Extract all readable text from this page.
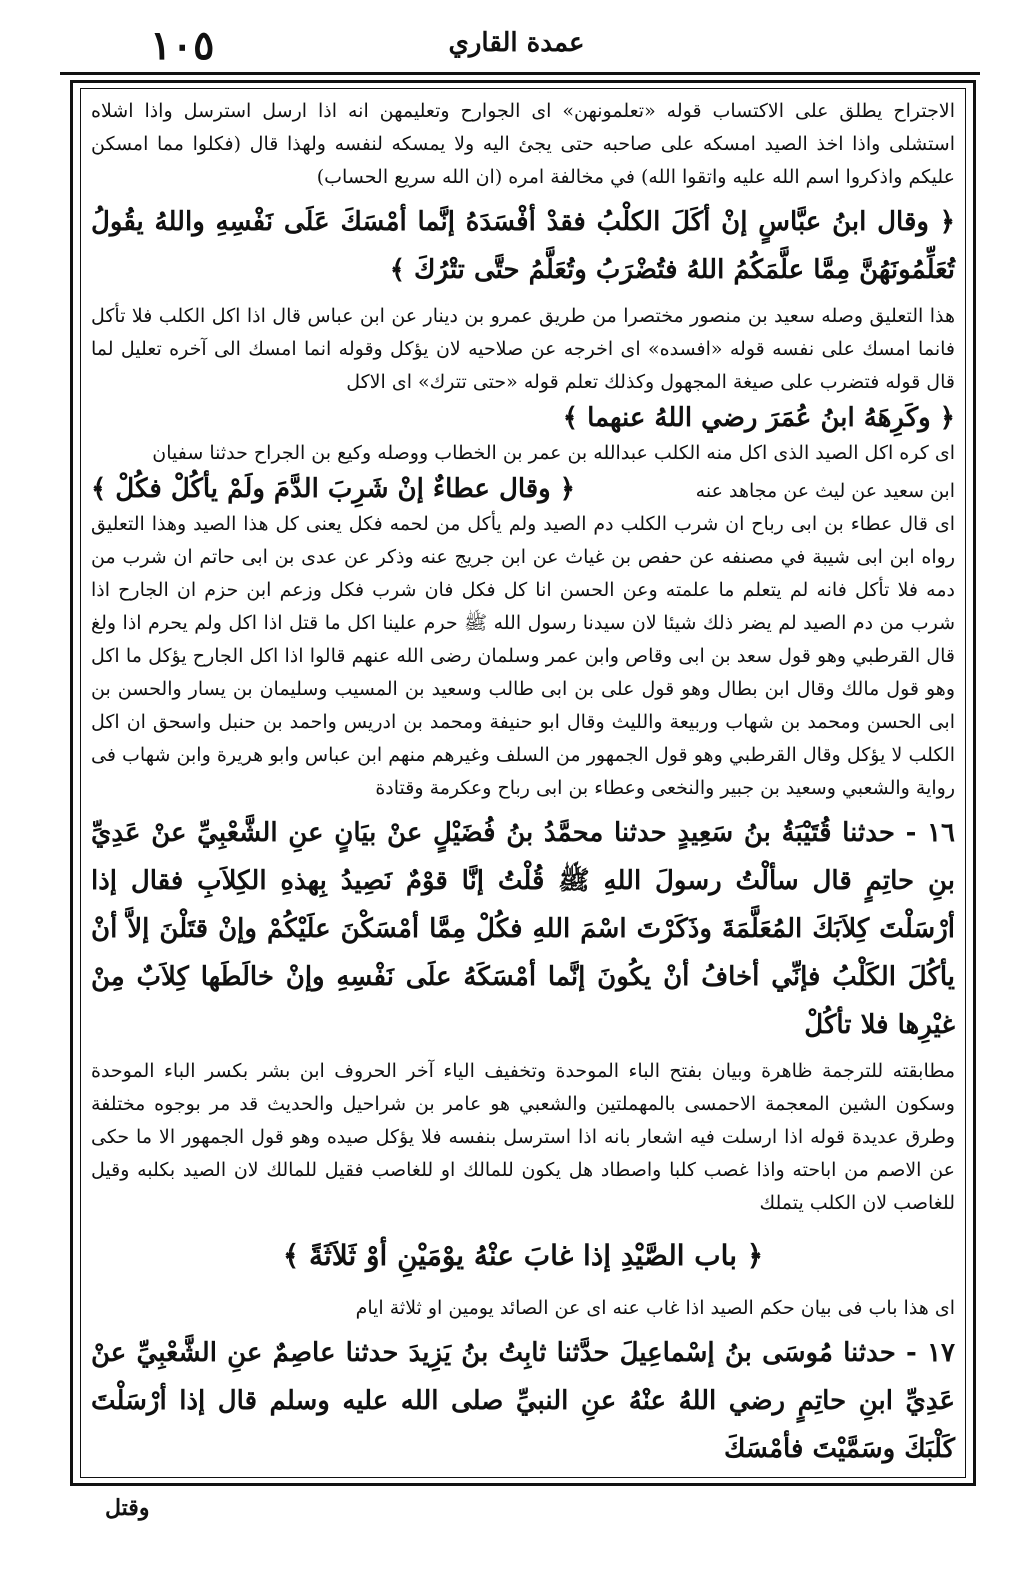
١٠٥	عمدة القاري

الاجتراح يطلق على الاكتساب قوله «تعلمونهن» اى الجوارح وتعليمهن انه اذا ارسل استرسل واذا اشلاه استشلى واذا اخذ الصيد امسكه على صاحبه حتى يجئ اليه ولا يمسكه لنفسه ولهذا قال (فكلوا مما امسكن عليكم واذكروا اسم الله عليه واتقوا الله) في مخالفة امره (ان الله سريع الحساب)

﴿ وقال ابنُ عبَّاسٍ إنْ أكَلَ الكلْبُ فقدْ أفْسَدَهُ إنَّما أمْسَكَ عَلَى نَفْسِهِ واللهُ يقُولُ تُعَلِّمُونَهُنَّ مِمَّا علَّمَكُمُ اللهُ فتُضْرَبُ وتُعَلَّمُ حتَّى تتْرُكَ ﴾

هذا التعليق وصله سعيد بن منصور مختصرا من طريق عمرو بن دينار عن ابن عباس قال اذا اكل الكلب فلا تأكل فانما امسك على نفسه قوله «افسده» اى اخرجه عن صلاحيه لان يؤكل وقوله انما امسك الى آخره تعليل لما قال قوله فتضرب على صيغة المجهول وكذلك تعلم قوله «حتى تترك» اى الاكل

﴿ وكَرِهَهُ ابنُ عُمَرَ رضي اللهُ عنهما ﴾

اى كره اكل الصيد الذى اكل منه الكلب عبدالله بن عمر بن الخطاب ووصله وكيع بن الجراح حدثنا سفيان

ابن سعيد عن ليث عن مجاهد عنه
﴿ وقال عطاءٌ إنْ شَرِبَ الدَّمَ ولَمْ يأكُلْ فكُلْ ﴾

اى قال عطاء بن ابى رباح ان شرب الكلب دم الصيد ولم يأكل من لحمه فكل يعنى كل هذا الصيد وهذا التعليق رواه ابن ابى شيبة في مصنفه عن حفص بن غياث عن ابن جريج عنه وذكر عن عدى بن ابى حاتم ان شرب من دمه فلا تأكل فانه لم يتعلم ما علمته وعن الحسن انا كل فكل فان شرب فكل وزعم ابن حزم ان الجارح اذا شرب من دم الصيد لم يضر ذلك شيئا لان سيدنا رسول الله ﷺ حرم علينا اكل ما قتل اذا اكل ولم يحرم اذا ولغ قال القرطبي وهو قول سعد بن ابى وقاص وابن عمر وسلمان رضى الله عنهم قالوا اذا اكل الجارح يؤكل ما اكل وهو قول مالك وقال ابن بطال وهو قول على بن ابى طالب وسعيد بن المسيب وسليمان بن يسار والحسن بن ابى الحسن ومحمد بن شهاب وربيعة والليث وقال ابو حنيفة ومحمد بن ادريس واحمد بن حنبل واسحق ان اكل الكلب لا يؤكل وقال القرطبي وهو قول الجمهور من السلف وغيرهم منهم ابن عباس وابو هريرة وابن شهاب فى رواية والشعبي وسعيد بن جبير والنخعى وعطاء بن ابى رباح وعكرمة وقتادة

١٦ - حدثنا قُتَيْبَةُ بنُ سَعِيدٍ حدثنا محمَّدُ بنُ فُضَيْلٍ عنْ بيَانٍ عنِ الشَّعْبِيِّ عنْ عَدِيِّ بنِ حاتِمٍ قال سألْتُ رسولَ اللهِ ﷺ قُلْتُ إنَّا قوْمٌ نَصِيدُ بِهذهِ الكِلاَبِ فقال إذا أرْسَلْتَ كِلاَبَكَ المُعَلَّمَةَ وذَكَرْتَ اسْمَ اللهِ فكُلْ مِمَّا أمْسَكْنَ علَيْكُمْ وإنْ قتَلْنَ إلاَّ أنْ يأكُلَ الكَلْبُ فإنِّي أخافُ أنْ يكُونَ إنَّما أمْسَكَهُ علَى نَفْسِهِ وإنْ خالَطَها كِلاَبٌ مِنْ غيْرِها فلا تأكُلْ

مطابقته للترجمة ظاهرة وبيان بفتح الباء الموحدة وتخفيف الياء آخر الحروف ابن بشر بكسر الباء الموحدة وسكون الشين المعجمة الاحمسى بالمهملتين والشعبي هو عامر بن شراحيل والحديث قد مر بوجوه مختلفة وطرق عديدة قوله اذا ارسلت فيه اشعار بانه اذا استرسل بنفسه فلا يؤكل صيده وهو قول الجمهور الا ما حكى عن الاصم من اباحته واذا غصب كلبا واصطاد هل يكون للمالك او للغاصب فقيل للمالك لان الصيد بكلبه وقيل للغاصب لان الكلب يتملك

﴿ باب الصَّيْدِ إذا غابَ عنْهُ يوْمَيْنِ أوْ ثَلاَثَةً ﴾

اى هذا باب فى بيان حكم الصيد اذا غاب عنه اى عن الصائد يومين او ثلاثة ايام

١٧ - حدثنا مُوسَى بنُ إسْماعِيلَ حدَّثنا ثابِتُ بنُ يَزِيدَ حدثنا عاصِمٌ عنِ الشَّعْبِيِّ عنْ عَدِيِّ ابنِ حاتِمٍ رضي اللهُ عنْهُ عنِ النبيِّ صلى الله عليه وسلم قال إذا أرْسَلْتَ كَلْبَكَ وسَمَّيْتَ فأمْسَكَ

وقتل
